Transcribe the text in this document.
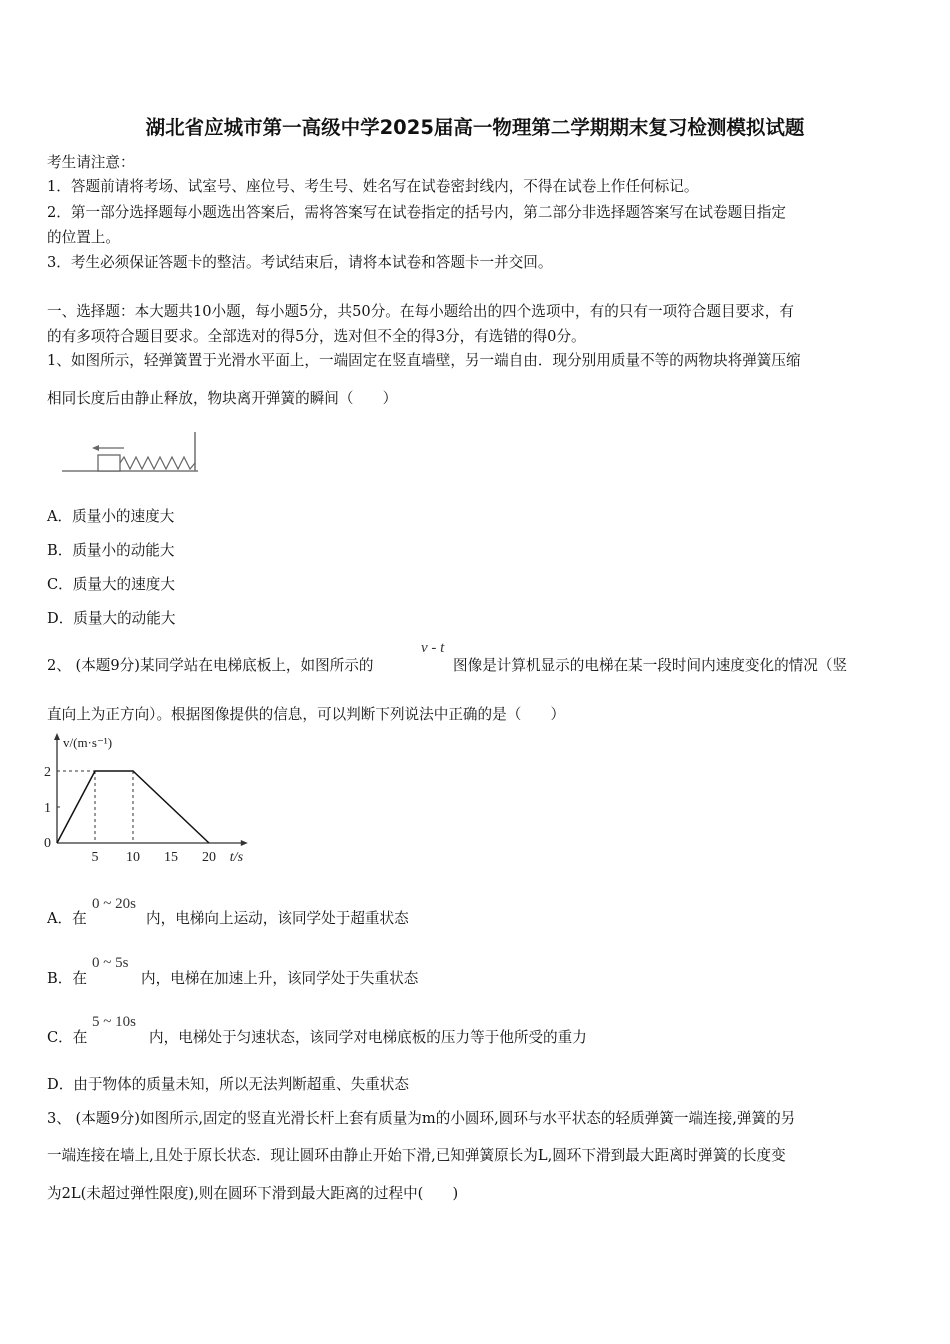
湖北省应城市第一高级中学2025届高一物理第二学期期末复习检测模拟试题
考生请注意：
1．答题前请将考场、试室号、座位号、考生号、姓名写在试卷密封线内，不得在试卷上作任何标记。
2．第一部分选择题每小题选出答案后，需将答案写在试卷指定的括号内，第二部分非选择题答案写在试卷题目指定
的位置上。
3．考生必须保证答题卡的整洁。考试结束后，请将本试卷和答题卡一并交回。
一、选择题：本大题共10小题，每小题5分，共50分。在每小题给出的四个选项中，有的只有一项符合题目要求，有
的有多项符合题目要求。全部选对的得5分，选对但不全的得3分，有选错的得0分。
1、如图所示，轻弹簧置于光滑水平面上，一端固定在竖直墙壁，另一端自由．现分别用质量不等的两物块将弹簧压缩
相同长度后由静止释放，物块离开弹簧的瞬间（　　）
A．质量小的速度大
B．质量小的动能大
C．质量大的速度大
D．质量大的动能大
2、 (本题9分)某同学站在电梯底板上，如图所示的
v - t
图像是计算机显示的电梯在某一段时间内速度变化的情况（竖
直向上为正方向）。根据图像提供的信息，可以判断下列说法中正确的是（　　）
v/(m·s⁻¹)
t/s
0
2
1
5 10 15 20
A．在
0 ~ 20s
内，电梯向上运动，该同学处于超重状态
B．在
0 ~ 5s
内，电梯在加速上升，该同学处于失重状态
C．在
5 ~ 10s
内，电梯处于匀速状态，该同学对电梯底板的压力等于他所受的重力
D．由于物体的质量未知，所以无法判断超重、失重状态
3、 (本题9分)如图所示,固定的竖直光滑长杆上套有质量为m的小圆环,圆环与水平状态的轻质弹簧一端连接,弹簧的另
一端连接在墙上,且处于原长状态．现让圆环由静止开始下滑,已知弹簧原长为L,圆环下滑到最大距离时弹簧的长度变
为2L(未超过弹性限度),则在圆环下滑到最大距离的过程中(　　)
